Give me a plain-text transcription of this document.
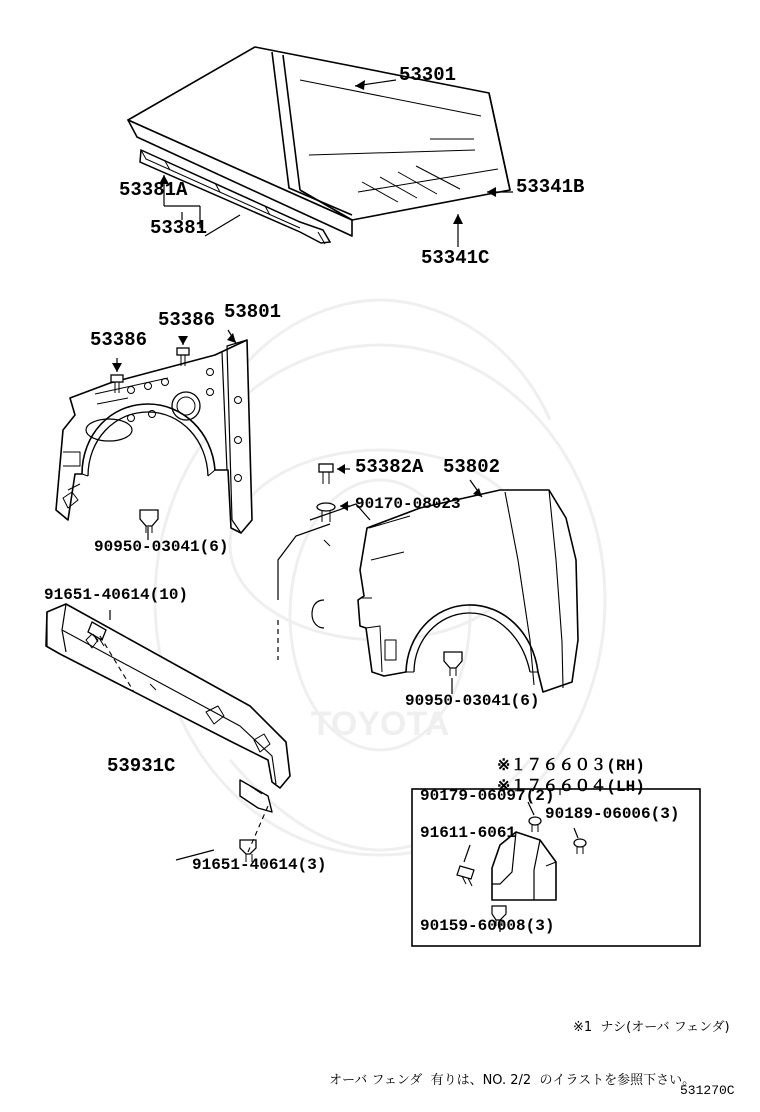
TOYOTA
53301
53381A
53381
53341B
53341C
53386
53386 53801
90950-03041(6)
53382A
90170-08023
53802
90950-03041(6)
91651-40614(10)
53931C
91651-40614(3)
※１７６６０３(RH)
※１７６６０４(LH)
90179-06097(2)
90189-06006(3)
91611-6061
90159-60008(3)
※1  ナシ(オーバ フェンダ)
オーバ フェンダ  有りは、NO. 2/2  のイラストを参照下さい。
531270C
